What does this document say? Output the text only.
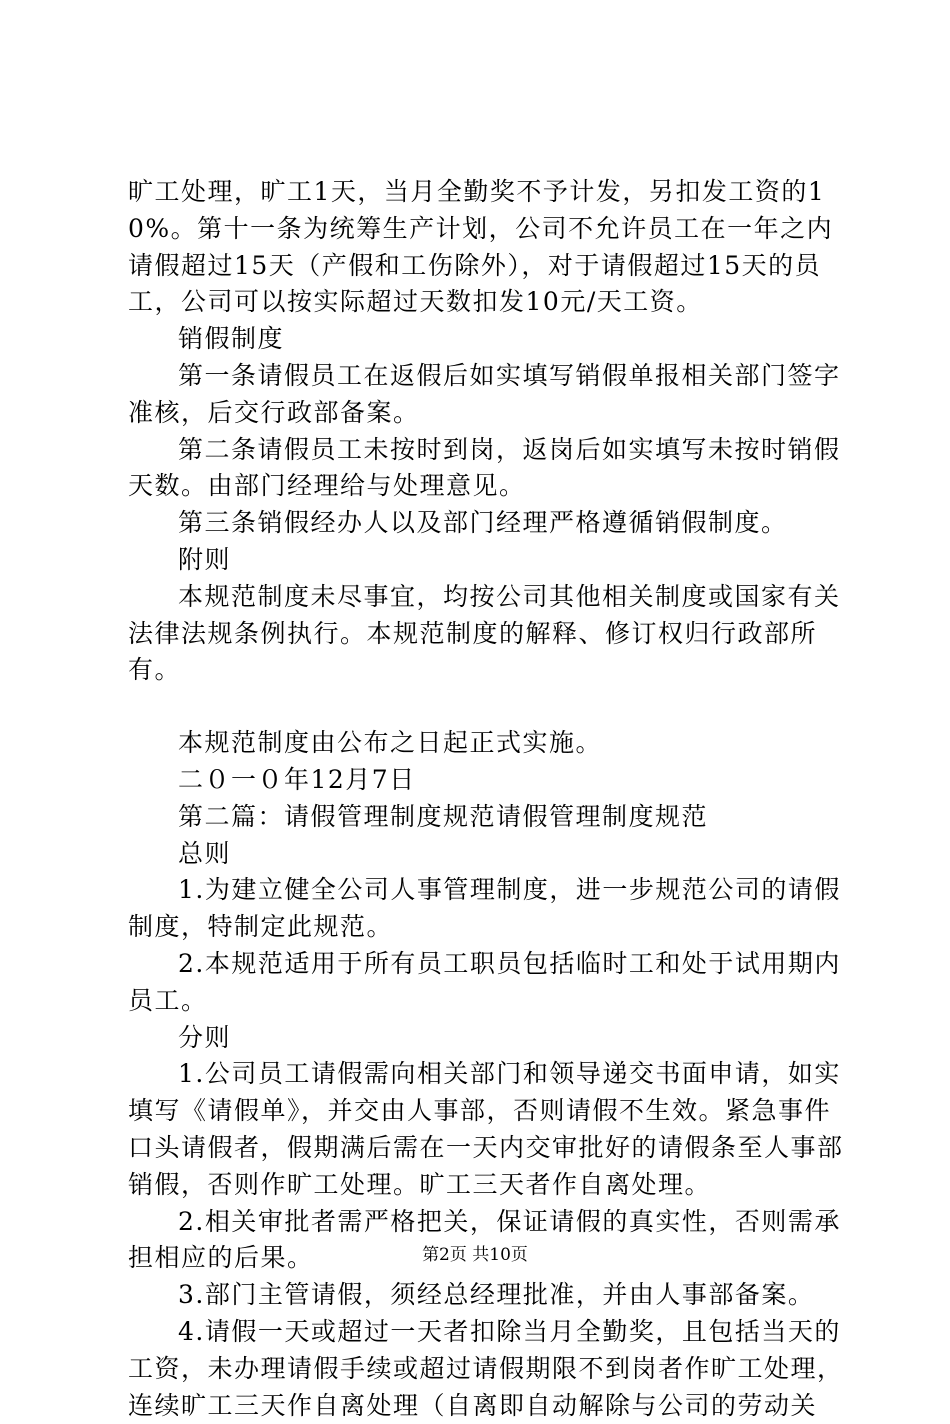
旷工处理，旷工1天，当月全勤奖不予计发，另扣发工资的10%。第十一条为统筹生产计划，公司不允许员工在一年之内请假超过15天（产假和工伤除外），对于请假超过15天的员工，公司可以按实际超过天数扣发10元/天工资。

销假制度

第一条请假员工在返假后如实填写销假单报相关部门签字准核，后交行政部备案。

第二条请假员工未按时到岗，返岗后如实填写未按时销假天数。由部门经理给与处理意见。

第三条销假经办人以及部门经理严格遵循销假制度。

附则

本规范制度未尽事宜，均按公司其他相关制度或国家有关法律法规条例执行。本规范制度的解释、修订权归行政部所有。

本规范制度由公布之日起正式实施。

二０一０年12月7日

第二篇：请假管理制度规范请假管理制度规范

总则

1.为建立健全公司人事管理制度，进一步规范公司的请假制度，特制定此规范。

2.本规范适用于所有员工职员包括临时工和处于试用期内员工。

分则

1.公司员工请假需向相关部门和领导递交书面申请，如实填写《请假单》，并交由人事部，否则请假不生效。紧急事件口头请假者，假期满后需在一天内交审批好的请假条至人事部销假，否则作旷工处理。旷工三天者作自离处理。

2.相关审批者需严格把关，保证请假的真实性，否则需承担相应的后果。

3.部门主管请假，须经总经理批准，并由人事部备案。

4.请假一天或超过一天者扣除当月全勤奖，且包括当天的工资，未办理请假手续或超过请假期限不到岗者作旷工处理，连续旷工三天作自离处理（自离即自动解除与公司的劳动关

第2页 共10页
